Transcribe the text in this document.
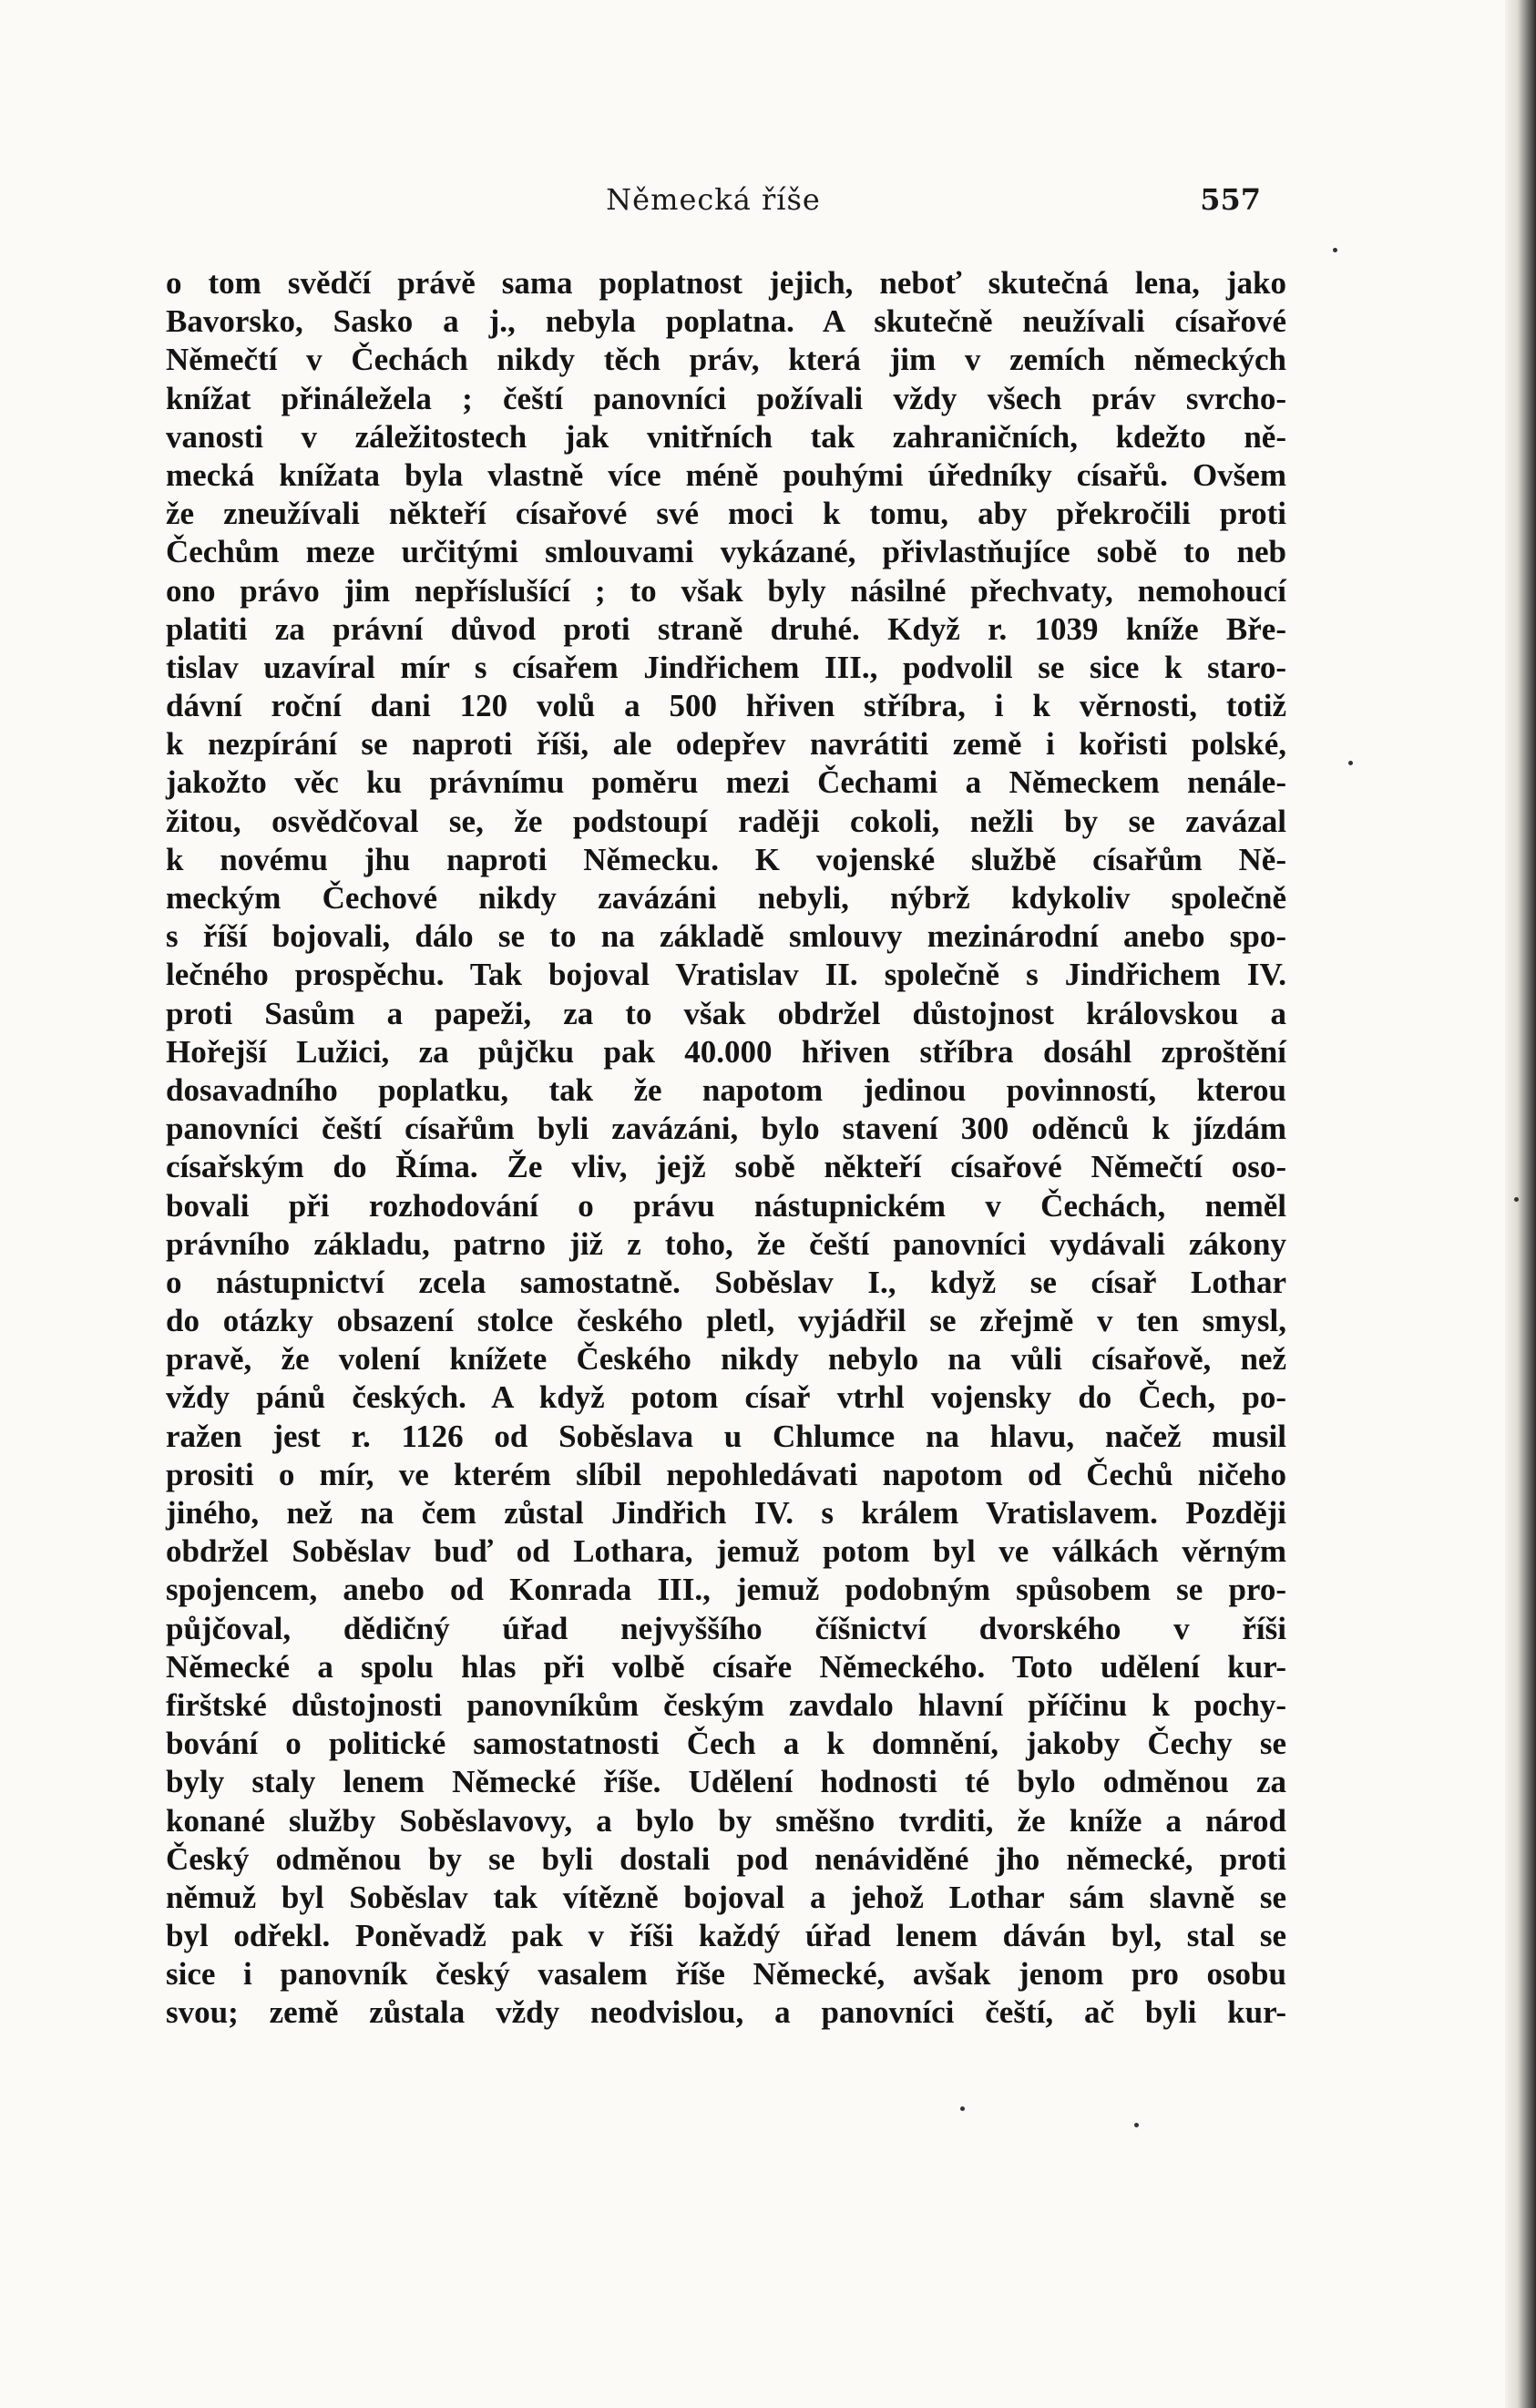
Německá říše	557
o tom svědčí právě sama poplatnost jejich, neboť skutečná lena, jako
Bavorsko, Sasko a j., nebyla poplatna. A skutečně neužívali císařové
Němečtí v Čechách nikdy těch práv, která jim v zemích německých
knížat přináležela ; čeští panovníci požívali vždy všech práv svrcho-
vanosti v záležitostech jak vnitřních tak zahraničních, kdežto ně-
mecká knížata byla vlastně více méně pouhými úředníky císařů. Ovšem
že zneužívali někteří císařové své moci k tomu, aby překročili proti
Čechům meze určitými smlouvami vykázané, přivlastňujíce sobě to neb
ono právo jim nepříslušící ; to však byly násilné přechvaty, nemohoucí
platiti za právní důvod proti straně druhé. Když r. 1039 kníže Bře-
tislav uzavíral mír s císařem Jindřichem III., podvolil se sice k staro-
dávní roční dani 120 volů a 500 hřiven stříbra, i k věrnosti, totiž
k nezpírání se naproti říši, ale odepřev navrátiti země i kořisti polské,
jakožto věc ku právnímu poměru mezi Čechami a Německem nenále-
žitou, osvědčoval se, že podstoupí raději cokoli, nežli by se zavázal
k novému jhu naproti Německu. K vojenské službě císařům Ně-
meckým Čechové nikdy zavázáni nebyli, nýbrž kdykoliv společně
s říší bojovali, dálo se to na základě smlouvy mezinárodní anebo spo-
lečného prospěchu. Tak bojoval Vratislav II. společně s Jindřichem IV.
proti Sasům a papeži, za to však obdržel důstojnost královskou a
Hořejší Lužici, za půjčku pak 40.000 hřiven stříbra dosáhl zproštění
dosavadního poplatku, tak že napotom jedinou povinností, kterou
panovníci čeští císařům byli zavázáni, bylo stavení 300 oděnců k jízdám
císařským do Říma. Že vliv, jejž sobě někteří císařové Němečtí oso-
bovali při rozhodování o právu nástupnickém v Čechách, neměl
právního základu, patrno již z toho, že čeští panovníci vydávali zákony
o nástupnictví zcela samostatně. Soběslav I., když se císař Lothar
do otázky obsazení stolce českého pletl, vyjádřil se zřejmě v ten smysl,
pravě, že volení knížete Českého nikdy nebylo na vůli císařově, než
vždy pánů českých. A když potom císař vtrhl vojensky do Čech, po-
ražen jest r. 1126 od Soběslava u Chlumce na hlavu, načež musil
prositi o mír, ve kterém slíbil nepohledávati napotom od Čechů ničeho
jiného, než na čem zůstal Jindřich IV. s králem Vratislavem. Později
obdržel Soběslav buď od Lothara, jemuž potom byl ve válkách věrným
spojencem, anebo od Konrada III., jemuž podobným spůsobem se pro-
půjčoval, dědičný úřad nejvyššího číšnictví dvorského v říši
Německé a spolu hlas při volbě císaře Německého. Toto udělení kur-
firštské důstojnosti panovníkům českým zavdalo hlavní příčinu k pochy-
bování o politické samostatnosti Čech a k domnění, jakoby Čechy se
byly staly lenem Německé říše. Udělení hodnosti té bylo odměnou za
konané služby Soběslavovy, a bylo by směšno tvrditi, že kníže a národ
Český odměnou by se byli dostali pod nenáviděné jho německé, proti
němuž byl Soběslav tak vítězně bojoval a jehož Lothar sám slavně se
byl odřekl. Poněvadž pak v říši každý úřad lenem dáván byl, stal se
sice i panovník český vasalem říše Německé, avšak jenom pro osobu
svou; země zůstala vždy neodvislou, a panovníci čeští, ač byli kur-
